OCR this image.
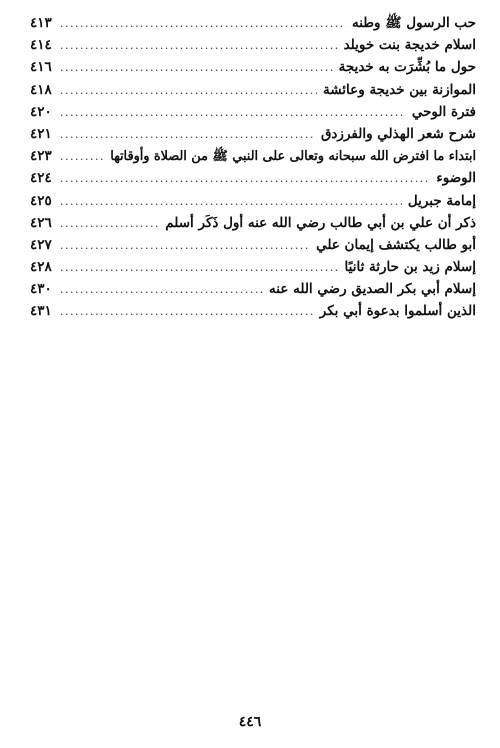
حب الرسول ﷺ وطنه
.....
٤١٣
اسلام خديجة بنت خويلد
.....
٤١٤
حول ما بُشِّرَت به خديجة
.....
٤١٦
الموازنة بين خديجة وعائشة
.....
٤١٨
فترة الوحي
.....
٤٢٠
شرح شعر الهذلي والفرزدق
.....
٤٢١
ابتداء ما افترض الله سبحانه وتعالى على النبي ﷺ من الصلاة وأوقاتها
.....
٤٢٣
الوضوء
.....
٤٢٤
إمامة جبريل
.....
٤٢٥
ذكر أن علي بن أبي طالب رضي الله عنه أول ذَكَر أسلم
.....
٤٢٦
أبو طالب يكتشف إيمان علي
.....
٤٢٧
إسلام زيد بن حارثة ثانيًا
.....
٤٢٨
إسلام أبي بكر الصديق رضي الله عنه
.....
٤٣٠
الذين أسلموا بدعوة أبي بكر
.....
٤٣١
٤٤٦
